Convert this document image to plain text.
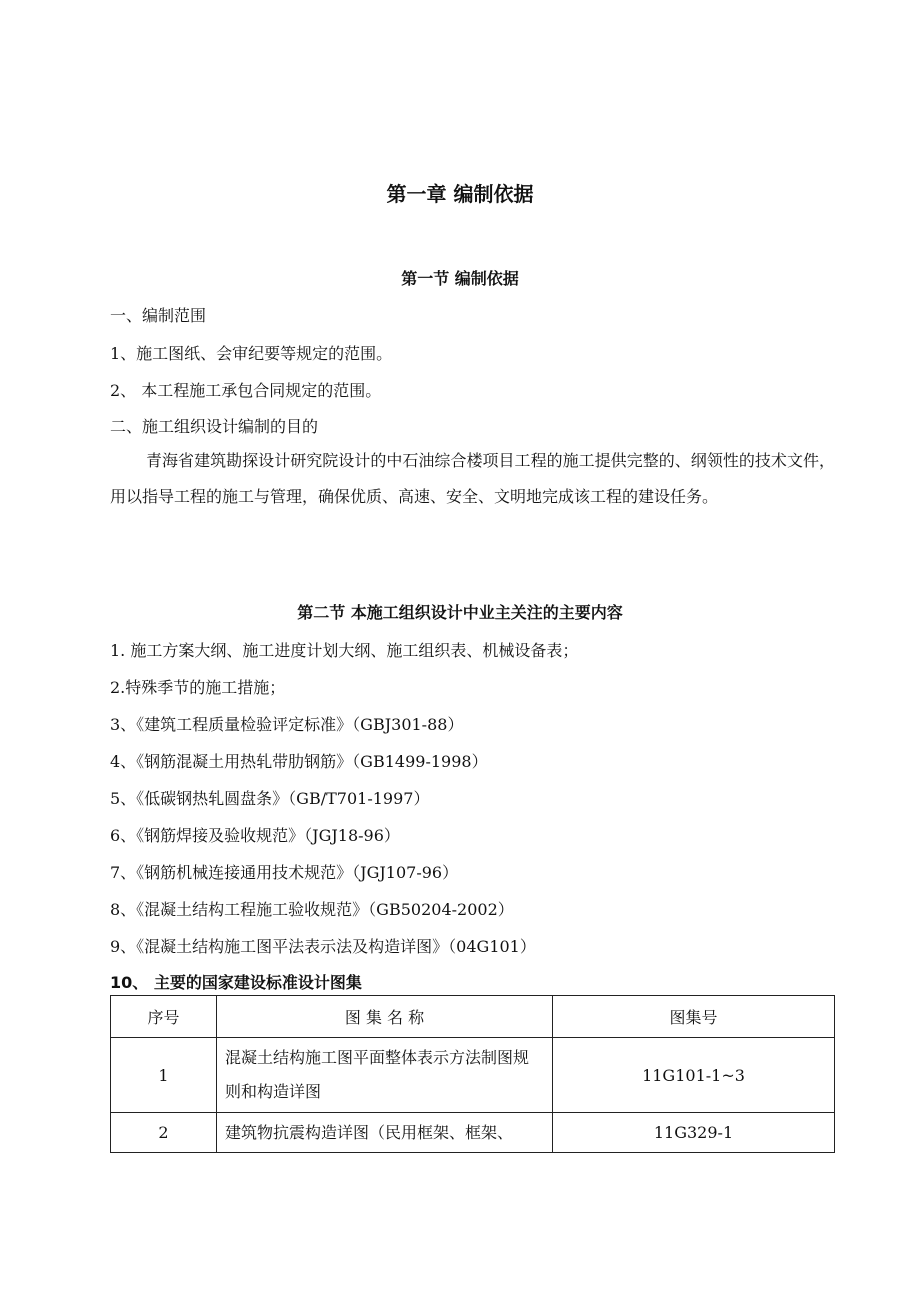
第一章 编制依据
第一节 编制依据
一、编制范围
1、施工图纸、会审纪要等规定的范围。
2、 本工程施工承包合同规定的范围。
二、施工组织设计编制的目的
青海省建筑勘探设计研究院设计的中石油综合楼项目工程的施工提供完整的、纲领性的技术文件，用以指导工程的施工与管理，确保优质、高速、安全、文明地完成该工程的建设任务。
第二节 本施工组织设计中业主关注的主要内容
1. 施工方案大纲、施工进度计划大纲、施工组织表、机械设备表；
2.特殊季节的施工措施；
3、《建筑工程质量检验评定标准》（GBJ301-88）
4、《钢筋混凝土用热轧带肋钢筋》（GB1499-1998）
5、《低碳钢热轧圆盘条》（GB/T701-1997）
6、《钢筋焊接及验收规范》（JGJ18-96）
7、《钢筋机械连接通用技术规范》（JGJ107-96）
8、《混凝土结构工程施工验收规范》（GB50204-2002）
9、《混凝土结构施工图平法表示法及构造详图》（04G101）
10、 主要的国家建设标准设计图集
序号	图 集 名 称	图集号
1	混凝土结构施工图平面整体表示方法制图规则和构造详图	11G101-1~3
2	建筑物抗震构造详图（民用框架、框架、	11G329-1
